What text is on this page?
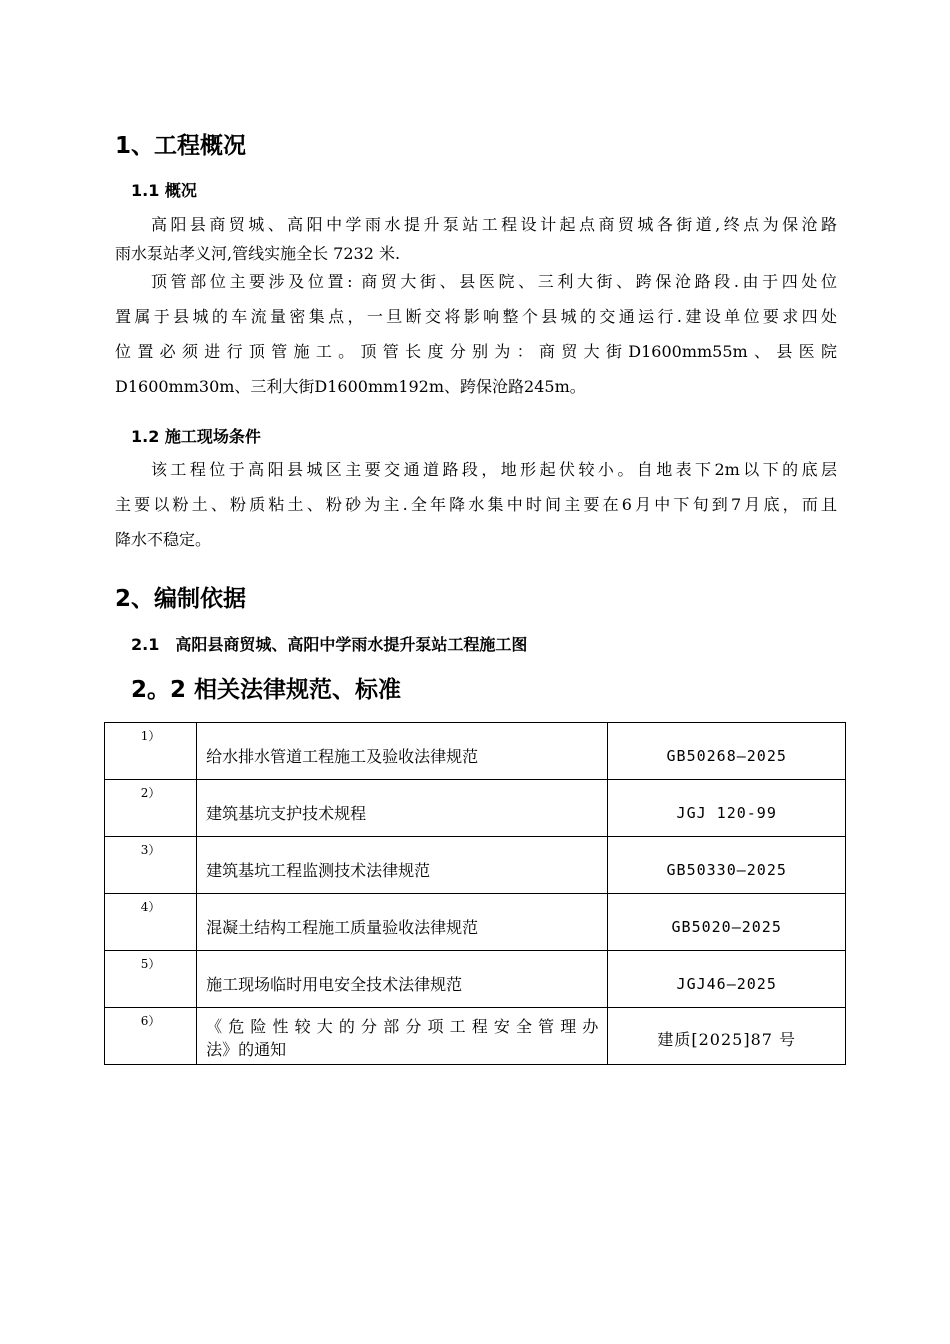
1、工程概况
1.1 概况
高阳县商贸城、高阳中学雨水提升泵站工程设计起点商贸城各街道,终点为保沧路
雨水泵站孝义河,管线实施全长 7232 米.
顶管部位主要涉及位置: 商贸大街、县医院、三利大街、跨保沧路段.由于四处位
置属于县城的车流量密集点，一旦断交将影响整个县城的交通运行.建设单位要求四处
位置必须进行顶管施工。顶管长度分别为：商贸大街D1600mm55m、县医院
D1600mm30m、三利大街D1600mm192m、跨保沧路245m。
1.2 施工现场条件
该工程位于高阳县城区主要交通道路段，地形起伏较小。自地表下2m以下的底层
主要以粉土、粉质粘土、粉砂为主.全年降水集中时间主要在6月中下旬到7月底，而且
降水不稳定。
2、编制依据
2.1　高阳县商贸城、高阳中学雨水提升泵站工程施工图
2。2 相关法律规范、标准
1）	给水排水管道工程施工及验收法律规范	GB50268—2025
2）	建筑基坑支护技术规程	JGJ 120-99
3）	建筑基坑工程监测技术法律规范	GB50330—2025
4）	混凝土结构工程施工质量验收法律规范	GB5020—2025
5）	施工现场临时用电安全技术法律规范	JGJ46—2025
6）	《危险性较大的分部分项工程安全管理办
法》的通知	建质[2025]87 号
